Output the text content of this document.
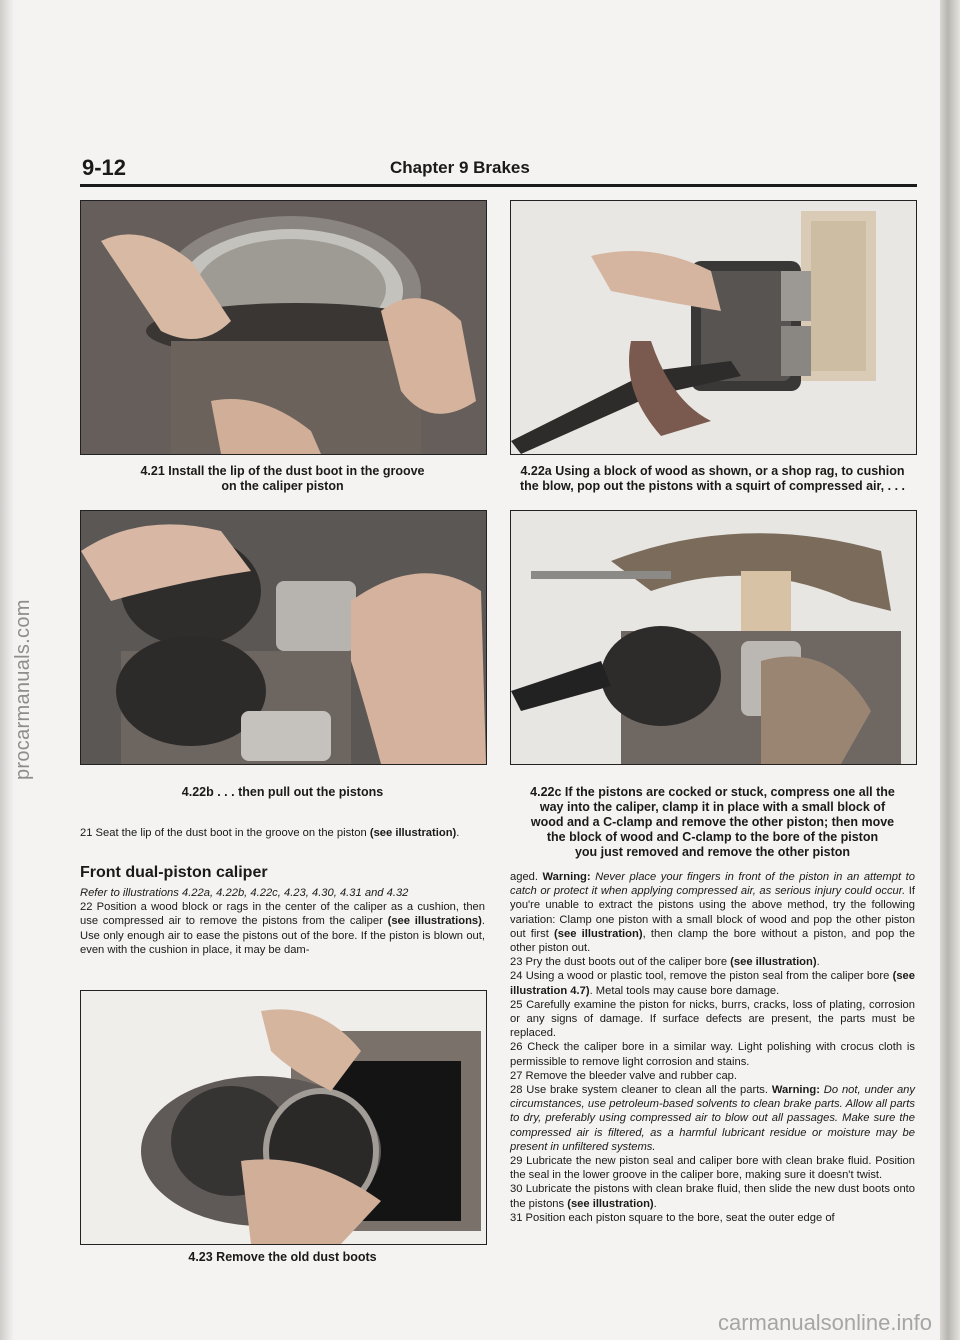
procarmanuals.com
carmanualsonline.info
9-12	Chapter 9 Brakes
4.21 Install the lip of the dust boot in the groove
on the caliper piston
4.22a Using a block of wood as shown, or a shop rag, to cushion
the blow, pop out the pistons with a squirt of compressed air, . . .
4.22b . . . then pull out the pistons	4.22c If the pistons are cocked or stuck, compress one all the
way into the caliper, clamp it in place with a small block of
wood and a C-clamp and remove the other piston; then move
the block of wood and C-clamp to the bore of the piston
you just removed and remove the other piston
4.23 Remove the old dust boots

21 Seat the lip of the dust boot in the groove on the piston (see illustration).

Front dual-piston caliper

Refer to illustrations 4.22a, 4.22b, 4.22c, 4.23, 4.30, 4.31 and 4.32

22 Position a wood block or rags in the center of the caliper as a cushion, then use compressed air to remove the pistons from the caliper (see illustrations). Use only enough air to ease the pistons out of the bore. If the piston is blown out, even with the cushion in place, it may be dam-

aged. Warning: Never place your fingers in front of the piston in an attempt to catch or protect it when applying compressed air, as serious injury could occur. If you're unable to extract the pistons using the above method, try the following variation: Clamp one piston with a small block of wood and pop the other piston out first (see illustration), then clamp the bore without a piston, and pop the other piston out.

23 Pry the dust boots out of the caliper bore (see illustration).

24 Using a wood or plastic tool, remove the piston seal from the caliper bore (see illustration 4.7). Metal tools may cause bore damage.

25 Carefully examine the piston for nicks, burrs, cracks, loss of plating, corrosion or any signs of damage. If surface defects are present, the parts must be replaced.

26 Check the caliper bore in a similar way. Light polishing with crocus cloth is permissible to remove light corrosion and stains.

27 Remove the bleeder valve and rubber cap.

28 Use brake system cleaner to clean all the parts. Warning: Do not, under any circumstances, use petroleum-based solvents to clean brake parts. Allow all parts to dry, preferably using compressed air to blow out all passages. Make sure the compressed air is filtered, as a harmful lubricant residue or moisture may be present in unfiltered systems.

29 Lubricate the new piston seal and caliper bore with clean brake fluid. Position the seal in the lower groove in the caliper bore, making sure it doesn't twist.

30 Lubricate the pistons with clean brake fluid, then slide the new dust boots onto the pistons (see illustration).

31 Position each piston square to the bore, seat the outer edge of
